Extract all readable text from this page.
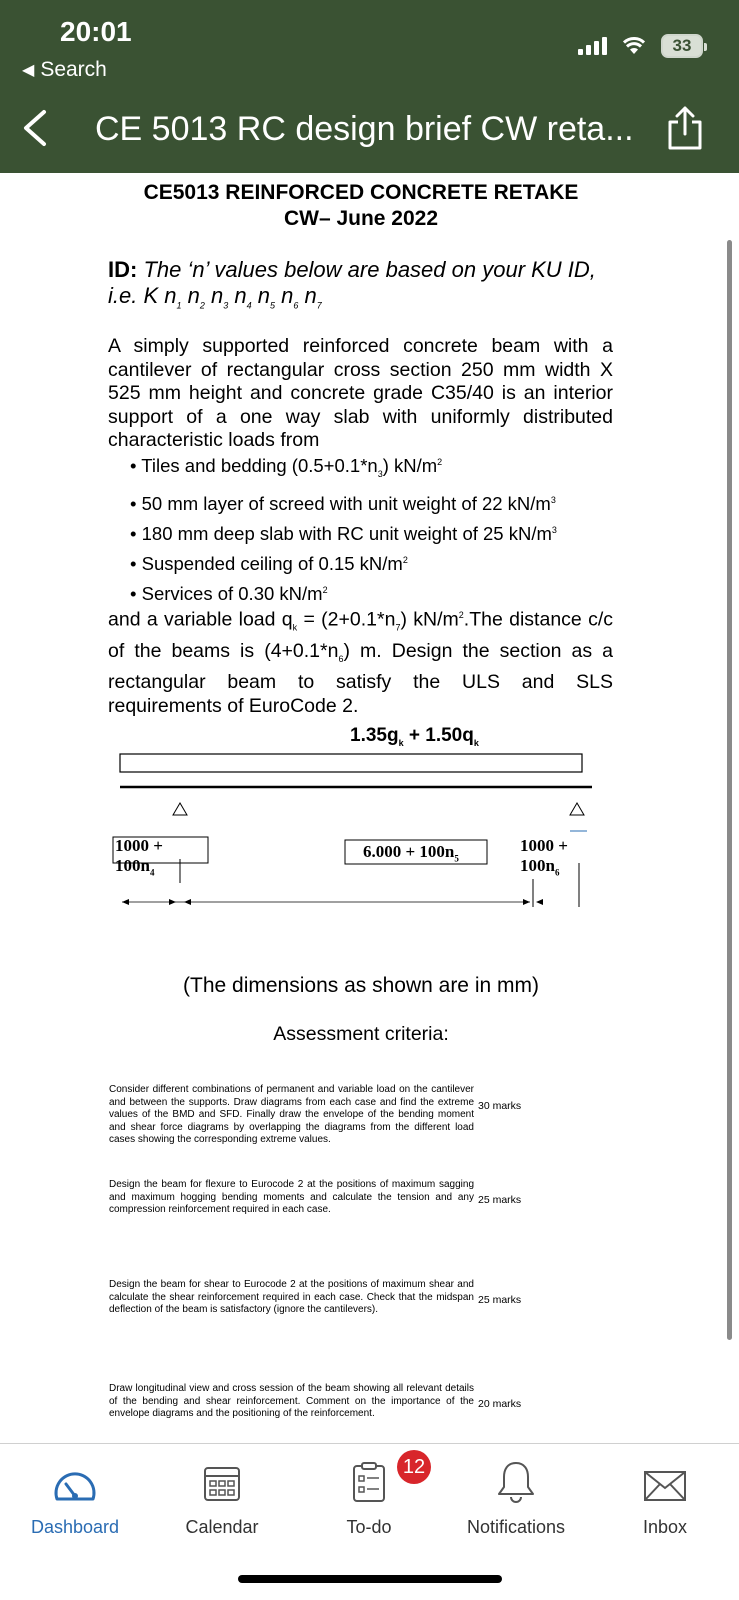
20:01
◀ Search
33
CE 5013 RC design brief CW reta...
CE5013 REINFORCED CONCRETE RETAKE
CW– June 2022
ID: The ‘n’ values below are based on your KU ID,
i.e. K $n_1$ $n_2$ $n_3$ $n_4$ $n_5$ $n_6$ $n_7$
A simply supported reinforced concrete beam with a cantilever of rectangular cross section 250 mm width X 525 mm height and concrete grade C35/40 is an interior support of a one way slab with uniformly distributed characteristic loads from
• Tiles and bedding $(0.5+0.1*n_3)$ $kN/m^2$
• 50 mm layer of screed with unit weight of 22 $kN/m^3$
• 180 mm deep slab with RC unit weight of 25 $kN/m^3$
• Suspended ceiling of 0.15 $kN/m^2$
• Services of 0.30 $kN/m^2$
and a variable load $q_k = (2+0.1*n_7)$ $kN/m^2.The$ distance c/c of the beams is $(4+0.1*n_6)$ m. Design the section as a rectangular beam to satisfy the ULS and SLS requirements of EuroCode 2.
$1.35g_k + 1.50q_k$
1000 +
$100n_4$
$6.000 + 100n_5$
1000 +
$100n_6$
(The dimensions as shown are in mm)
Assessment criteria:
Consider different combinations of permanent and variable load on the cantilever and between the supports. Draw diagrams from each case and find the extreme values of the BMD and SFD. Finally draw the envelope of the bending moment and shear force diagrams by overlapping the diagrams from the different load cases showing the corresponding extreme values.
30 marks
Design the beam for flexure to Eurocode 2 at the positions of maximum sagging and maximum hogging bending moments and calculate the tension and any compression reinforcement required in each case.
25 marks
Design the beam for shear to Eurocode 2 at the positions of maximum shear and calculate the shear reinforcement required in each case. Check that the midspan deflection of the beam is satisfactory (ignore the cantilevers).
25 marks
Draw longitudinal view and cross session of the beam showing all relevant details of the bending and shear reinforcement. Comment on the importance of the envelope diagrams and the positioning of the reinforcement.
20 marks
Dashboard	Calendar	To-do
12
Notifications	Inbox
